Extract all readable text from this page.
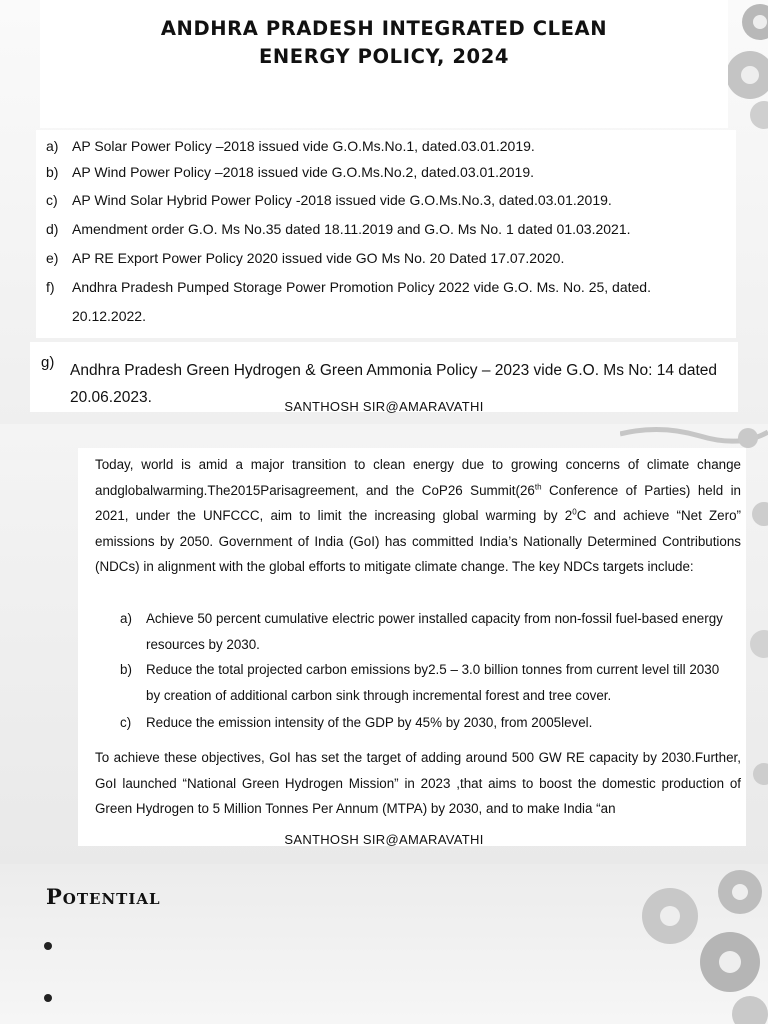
ANDHRA PRADESH INTEGRATED CLEAN
ENERGY POLICY, 2024
a) AP Solar Power Policy –2018 issued vide G.O.Ms.No.1, dated.03.01.2019.
b) AP Wind Power Policy –2018 issued vide G.O.Ms.No.2, dated.03.01.2019.
c) AP Wind Solar Hybrid Power Policy -2018 issued vide G.O.Ms.No.3, dated.03.01.2019.
d) Amendment order G.O. Ms No.35 dated 18.11.2019 and G.O. Ms No. 1 dated 01.03.2021.
e) AP RE Export Power Policy 2020 issued vide GO Ms No. 20 Dated 17.07.2020.
f) Andhra Pradesh Pumped Storage Power Promotion Policy 2022 vide G.O. Ms. No. 25, dated.
20.12.2022.
g) Andhra Pradesh Green Hydrogen & Green Ammonia Policy – 2023 vide G.O. Ms No: 14 dated
20.06.2023.
SANTHOSH SIR@AMARAVATHI

Today, world is amid a major transition to clean energy due to growing concerns of climate change andglobalwarming.The2015Parisagreement, and the CoP26 Summit(26th Conference of Parties) held in 2021, under the UNFCCC, aim to limit the increasing global warming by $2^0C$ and achieve “Net Zero” emissions by 2050. Government of India (GoI) has committed India’s Nationally Determined Contributions (NDCs) in alignment with the global efforts to mitigate climate change. The key NDCs targets include:

a) Achieve 50 percent cumulative electric power installed capacity from non-fossil fuel-based energy resources by 2030.
b) Reduce the total projected carbon emissions by2.5 – 3.0 billion tonnes from current level till 2030 by creation of additional carbon sink through incremental forest and tree cover.
c) Reduce the emission intensity of the GDP by 45% by 2030, from 2005level.

To achieve these objectives, GoI has set the target of adding around 500 GW RE capacity by 2030.Further, GoI launched “National Green Hydrogen Mission” in 2023 ,that aims to boost the domestic production of Green Hydrogen to 5 Million Tonnes Per Annum (MTPA) by 2030, and to make India “an

SANTHOSH SIR@AMARAVATHI
Potential
